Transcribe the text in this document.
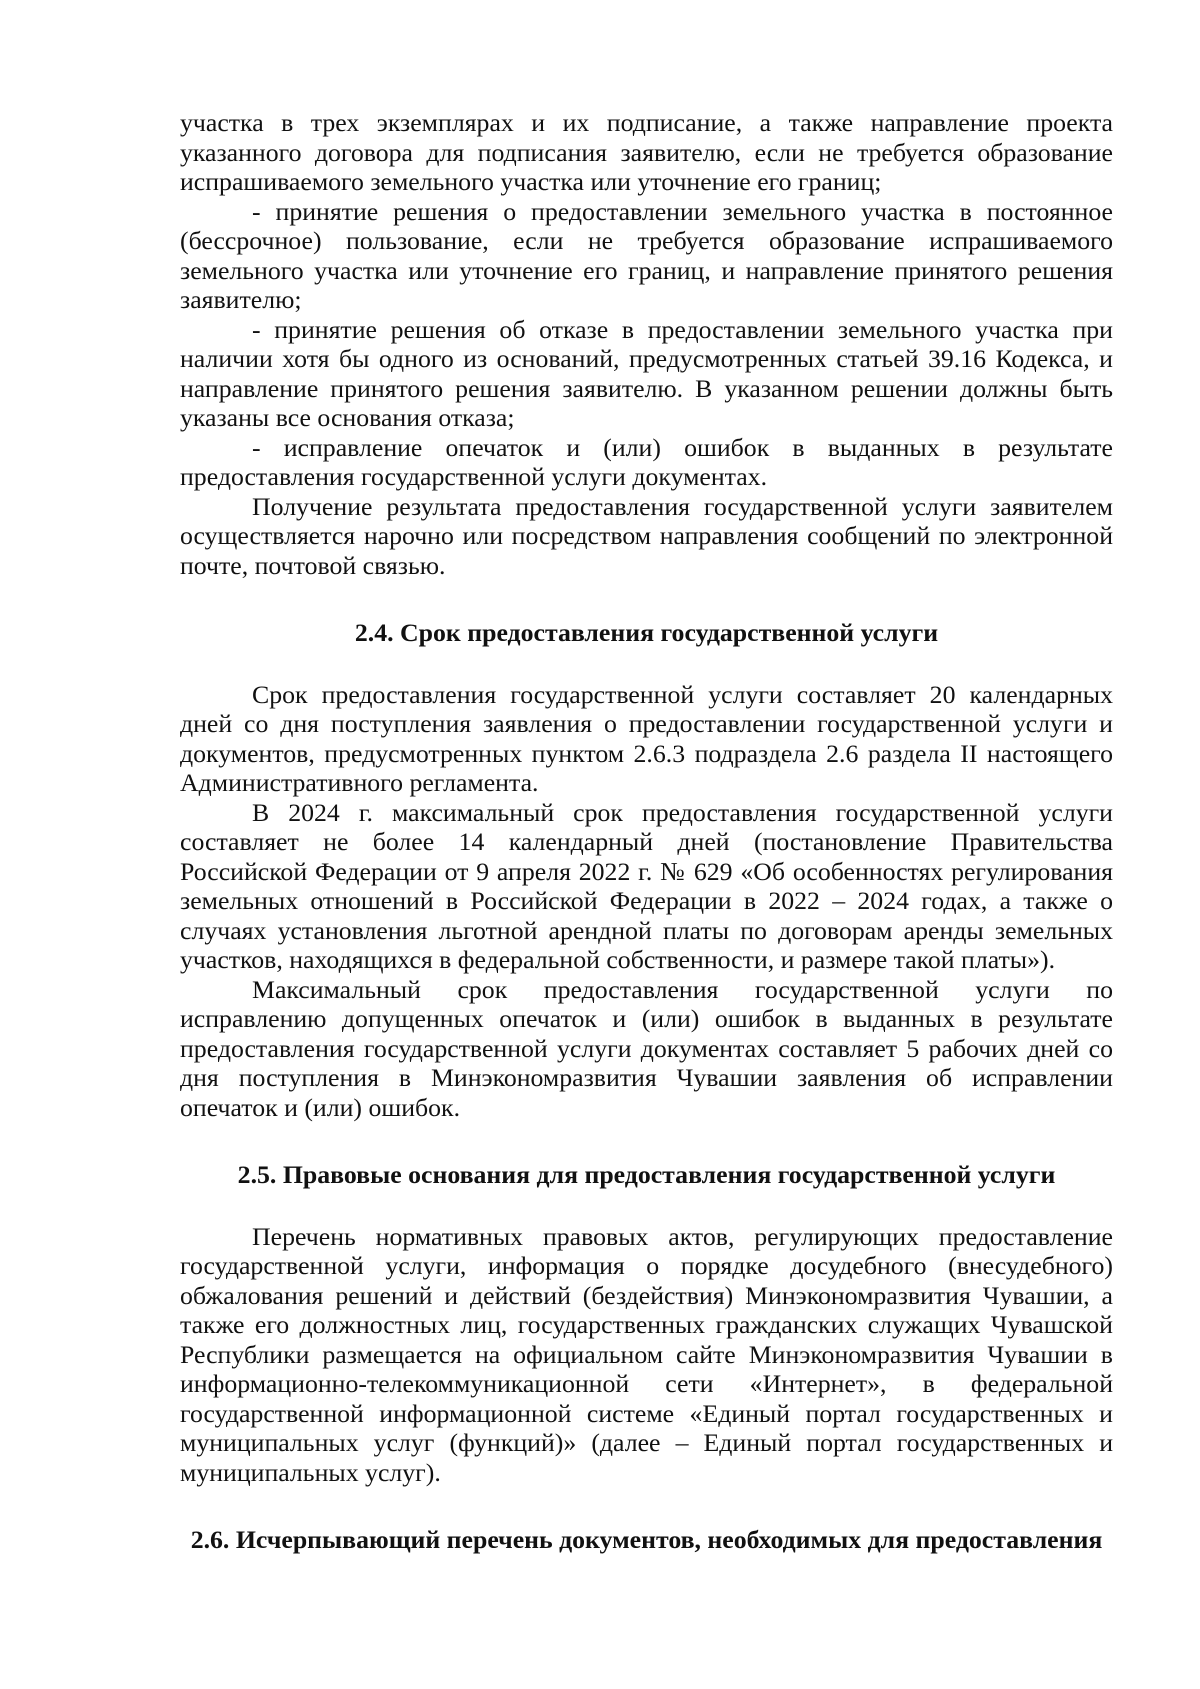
участка в трех экземплярах и их подписание, а также направление проекта указанного договора для подписания заявителю, если не требуется образование испрашиваемого земельного участка или уточнение его границ;

- принятие решения о предоставлении земельного участка в постоянное (бессрочное) пользование, если не требуется образование испрашиваемого земельного участка или уточнение его границ, и направление принятого решения заявителю;

- принятие решения об отказе в предоставлении земельного участка при наличии хотя бы одного из оснований, предусмотренных статьей 39.16 Кодекса, и направление принятого решения заявителю. В указанном решении должны быть указаны все основания отказа;

- исправление опечаток и (или) ошибок в выданных в результате предоставления государственной услуги документах.

Получение результата предоставления государственной услуги заявителем осуществляется нарочно или посредством направления сообщений по электронной почте, почтовой связью.

2.4. Срок предоставления государственной услуги

Срок предоставления государственной услуги составляет 20 календарных дней со дня поступления заявления о предоставлении государственной услуги и документов, предусмотренных пунктом 2.6.3 подраздела 2.6 раздела II настоящего Административного регламента.

В 2024 г. максимальный срок предоставления государственной услуги составляет не более 14 календарный дней (постановление Правительства Российской Федерации от 9 апреля 2022 г. № 629 «Об особенностях регулирования земельных отношений в Российской Федерации в 2022 – 2024 годах, а также о случаях установления льготной арендной платы по договорам аренды земельных участков, находящихся в федеральной собственности, и размере такой платы»).

Максимальный срок предоставления государственной услуги по исправлению допущенных опечаток и (или) ошибок в выданных в результате предоставления государственной услуги документах составляет 5 рабочих дней со дня поступления в Минэкономразвития Чувашии заявления об исправлении опечаток и (или) ошибок.

2.5. Правовые основания для предоставления государственной услуги

Перечень нормативных правовых актов, регулирующих предоставление государственной услуги, информация о порядке досудебного (внесудебного) обжалования решений и действий (бездействия) Минэкономразвития Чувашии, а также его должностных лиц, государственных гражданских служащих Чувашской Республики размещается на официальном сайте Минэкономразвития Чувашии в информационно-телекоммуникационной сети «Интернет», в федеральной государственной информационной системе «Единый портал государственных и муниципальных услуг (функций)» (далее – Единый портал государственных и муниципальных услуг).

2.6. Исчерпывающий перечень документов, необходимых для предоставления
